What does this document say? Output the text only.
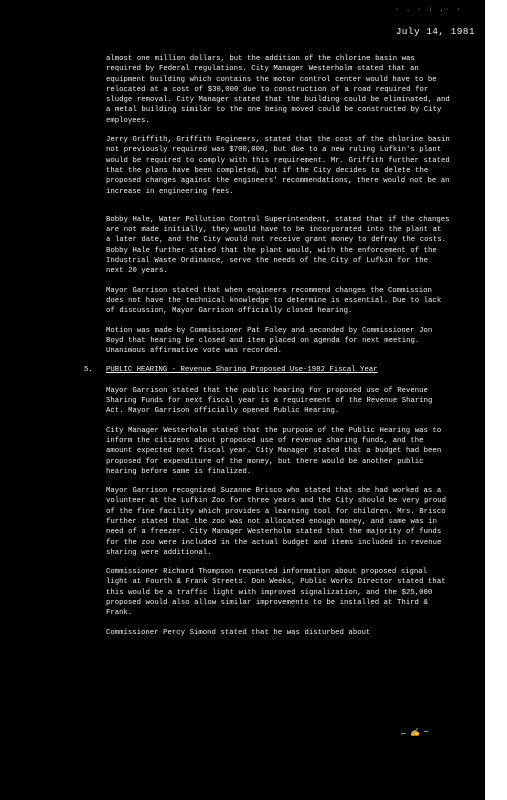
· . · : .· ·
July 14, 1981

almost one million dollars, but the addition of the chlorine basin was required by Federal regulations. City Manager Westerholm stated that an equipment building which contains the motor control center would have to be relocated at a cost of $30,000 due to construction of a road required for sludge removal. City Manager stated that the building could be eliminated, and a metal building similar to the one being moved could be constructed by City employees.

Jerry Griffith, Griffith Engineers, stated that the cost of the chlorine basin not previously required was $700,000, but due to a new ruling Lufkin's plant would be required to comply with this requirement. Mr. Griffith further stated that the plans have been completed, but if the City decides to delete the proposed changes against the engineers' recommendations, there would not be an increase in engineering fees.

Bobby Hale, Water Pollution Control Superintendent, stated that if the changes are not made initially, they would have to be incorporated into the plant at a later date, and the City would not receive grant money to defray the costs. Bobby Hale further stated that the plant would, with the enforcement of the Industrial Waste Ordinance, serve the needs of the City of Lufkin for the next 20 years.

Mayor Garrison stated that when engineers recommend changes the Commission does not have the technical knowledge to determine is essential. Due to lack of discussion, Mayor Garrison officially closed hearing.

Motion was made by Commissioner Pat Foley and seconded by Commissioner Jon Boyd that hearing be closed and item placed on agenda for next meeting. Unanimous affirmative vote was recorded.

5. PUBLIC HEARING - Revenue Sharing Proposed Use-1982 Fiscal Year

Mayor Garrison stated that the public hearing for proposed use of Revenue Sharing Funds for next fiscal year is a requirement of the Revenue Sharing Act. Mayor Garrison officially opened Public Hearing.

City Manager Westerholm stated that the purpose of the Public Hearing was to inform the citizens about proposed use of revenue sharing funds, and the amount expected next fiscal year. City Manager stated that a budget had been proposed for expenditure of the money, but there would be another public hearing before same is finalized.

Mayor Garrison recognized Suzanne Brisco who stated that she had worked as a volunteer at the Lufkin Zoo for three years and the City should be very proud of the fine facility which provides a learning tool for children. Mrs. Brisco further stated that the zoo was not allocated enough money, and same was in need of a freezer. City Manager Westerholm stated that the majority of funds for the zoo were included in the actual budget and items included in revenue sharing were additional.

Commissioner Richard Thompson requested information about proposed signal light at Fourth & Frank Streets. Don Weeks, Public Works Director stated that this would be a traffic light with improved signalization, and the $25,000 proposed would also allow similar improvements to be installed at Third & Frank.

Commissioner Percy Simond stated that he was disturbed about

~ ✍ ~
